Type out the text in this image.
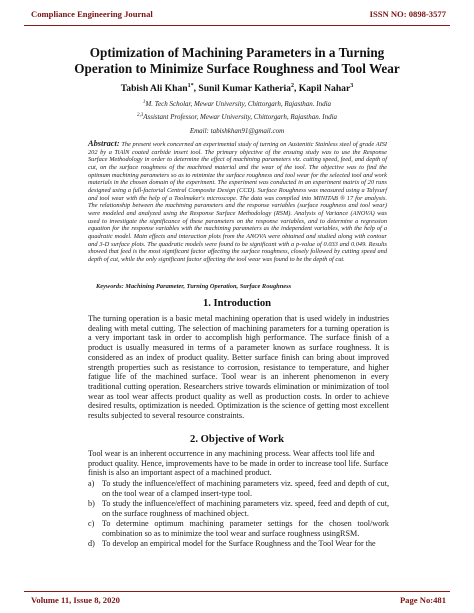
Compliance Engineering Journal	ISSN NO: 0898-3577
Optimization of Machining Parameters in a Turning Operation to Minimize Surface Roughness and Tool Wear
Tabish Ali Khan$^{1*}$, Sunil Kumar Katheria$^2$, Kapil Nahar$^3$
$^1$M. Tech Scholar, Mewar University, Chittorgarh, Rajasthan. India
$^{2,3}$Assistant Professor, Mewar University, Chittorgarh, Rajasthan. India
Email: tabishkhan91@gmail.com
Abstract: The present work concerned an experimental study of turning on Austenitic Stainless steel of grade AISI 202 by a TiAlN coated carbide insert tool. The primary objective of the ensuing study was to use the Response Surface Methodology in order to determine the effect of machining parameters viz. cutting speed, feed, and depth of cut, on the surface roughness of the machined material and the wear of the tool. The objective was to find the optimum machining parameters so as to minimize the surface roughness and tool wear for the selected tool and work materials in the chosen domain of the experiment. The experiment was conducted in an experiment matrix of 20 runs designed using a full-factorial Central Composite Design (CCD). Surface Roughness was measured using a Talysurf and tool wear with the help of a Toolmaker's microscope. The data was compiled into MINITAB ® 17 for analysis. The relationship between the machining parameters and the response variables (surface roughness and tool wear) were modeled and analyzed using the Response Surface Methodology (RSM). Analysis of Variance (ANOVA) was used to investigate the significance of these parameters on the response variables, and to determine a regression equation for the response variables with the machining parameters as the independent variables, with the help of a quadratic model. Main effects and interaction plots from the ANOVA were obtained and studied along with contour and 3-D surface plots. The quadratic models were found to be significant with a p-value of 0.033 and 0.049. Results showed that feed is the most significant factor affecting the surface roughness, closely followed by cutting speed and depth of cut, while the only significant factor affecting the tool wear was found to be the depth of cut.
Keywords: Machining Parameter, Turning Operation, Surface Roughness
1. Introduction
The turning operation is a basic metal machining operation that is used widely in industries dealing with metal cutting. The selection of machining parameters for a turning operation is a very important task in order to accomplish high performance. The surface finish of a product is usually measured in terms of a parameter known as surface roughness. It is considered as an index of product quality. Better surface finish can bring about improved strength properties such as resistance to corrosion, resistance to temperature, and higher fatigue life of the machined surface. Tool wear is an inherent phenomenon in every traditional cutting operation. Researchers strive towards elimination or minimization of tool wear as tool wear affects product quality as well as production costs. In order to achieve desired results, optimization is needed. Optimization is the science of getting most excellent results subjected to several resource constraints.
2. Objective of Work
Tool wear is an inherent occurrence in any machining process. Wear affects tool life and product quality. Hence, improvements have to be made in order to increase tool life. Surface finish is also an important aspect of a machined product.
a) To study the influence/effect of machining parameters viz. speed, feed and depth of cut, on the tool wear of a clamped insert-type tool.
b) To study the influence/effect of machining parameters viz. speed, feed and depth of cut, on the surface roughness of machined object.
c) To determine optimum machining parameter settings for the chosen tool/work combination so as to minimize the tool wear and surface roughness usingRSM.
d) To develop an empirical model for the Surface Roughness and the Tool Wear for the
Volume 11, Issue 8, 2020	Page No:481
